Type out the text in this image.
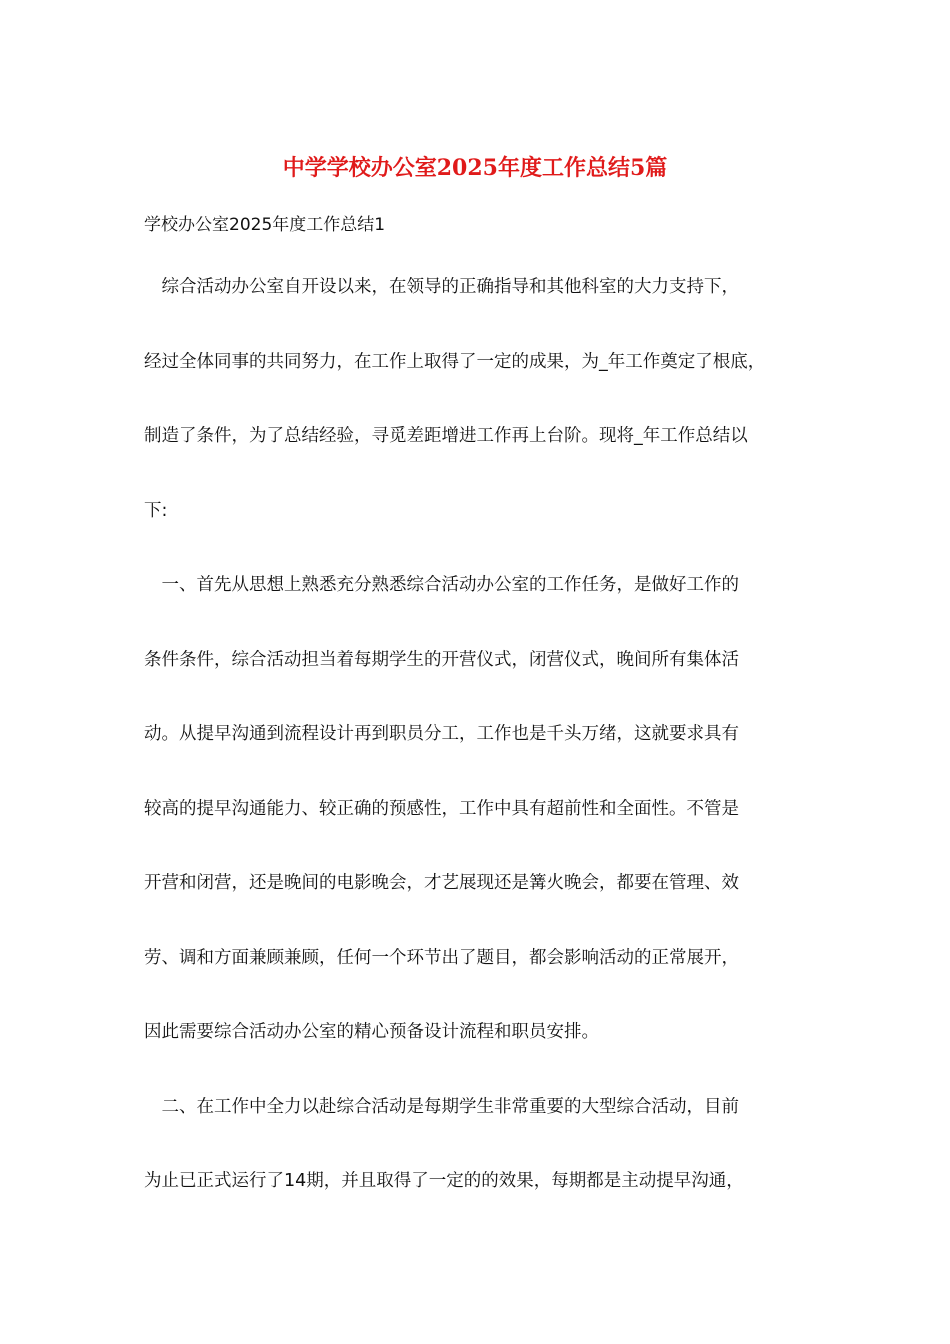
中学学校办公室2025年度工作总结5篇
学校办公室2025年度工作总结1
　综合活动办公室自开设以来，在领导的正确指导和其他科室的大力支持下，
经过全体同事的共同努力，在工作上取得了一定的成果，为_年工作奠定了根底，
制造了条件，为了总结经验，寻觅差距增进工作再上台阶。现将_年工作总结以
下:
　一、首先从思想上熟悉充分熟悉综合活动办公室的工作任务，是做好工作的
条件条件，综合活动担当着每期学生的开营仪式，闭营仪式，晚间所有集体活
动。从提早沟通到流程设计再到职员分工，工作也是千头万绪，这就要求具有
较高的提早沟通能力、较正确的预感性，工作中具有超前性和全面性。不管是
开营和闭营，还是晚间的电影晚会，才艺展现还是篝火晚会，都要在管理、效
劳、调和方面兼顾兼顾，任何一个环节出了题目，都会影响活动的正常展开，
因此需要综合活动办公室的精心预备设计流程和职员安排。
　二、在工作中全力以赴综合活动是每期学生非常重要的大型综合活动，目前
为止已正式运行了14期，并且取得了一定的的效果，每期都是主动提早沟通，
